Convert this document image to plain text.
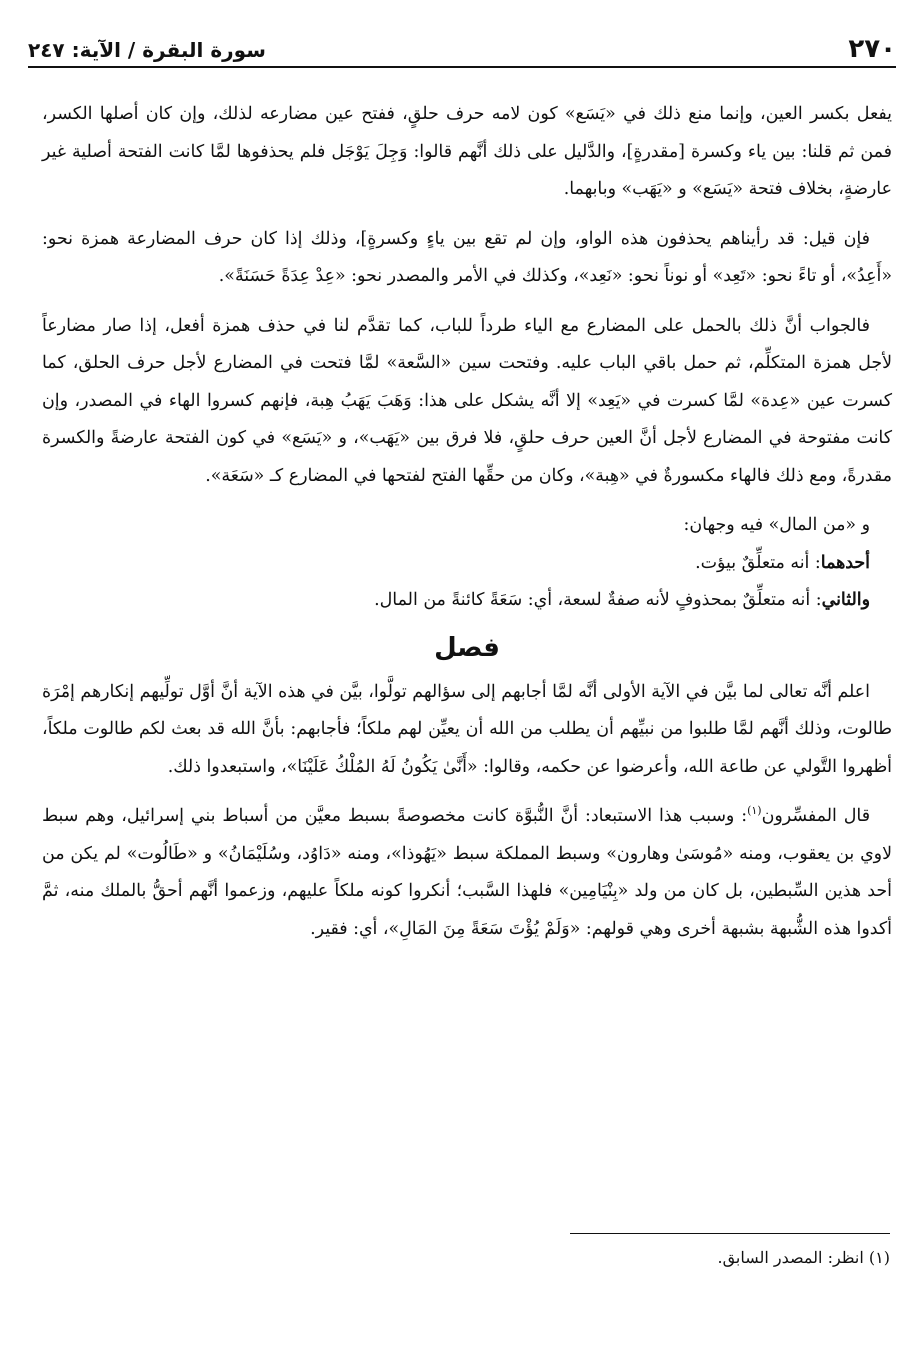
٢٧٠
سورة البقرة / الآية: ٢٤٧

يفعل بكسر العين، وإنما منع ذلك في «يَسَع» كون لامه حرف حلقٍ، ففتح عين مضارعه لذلك، وإن كان أصلها الكسر، فمن ثم قلنا: بين ياء وكسرة [مقدرةٍ]، والدَّليل على ذلك أنَّهم قالوا: وَجِلَ يَوْجَل فلم يحذفوها لمَّا كانت الفتحة أصلية غير عارضةٍ، بخلاف فتحة «يَسَع» و «يَهَب» وبابهما.

فإن قيل: قد رأيناهم يحذفون هذه الواو، وإن لم تقع بين ياءٍ وكسرةٍ]، وذلك إذا كان حرف المضارعة همزة نحو: «أَعِدُ»، أو تاءً نحو: «تَعِد» أو نوناً نحو: «نَعِد»، وكذلك في الأمر والمصدر نحو: «عِدْ عِدَةً حَسَنَةً».

فالجواب أنَّ ذلك بالحمل على المضارع مع الياء طرداً للباب، كما تقدَّم لنا في حذف همزة أفعل، إذا صار مضارعاً لأجل همزة المتكلِّم، ثم حمل باقي الباب عليه. وفتحت سين «السَّعة» لمَّا فتحت في المضارع لأجل حرف الحلق، كما كسرت عين «عِدة» لمَّا كسرت في «يَعِد» إلا أنَّه يشكل على هذا: وَهَبَ يَهَبُ هِبة، فإنهم كسروا الهاء في المصدر، وإن كانت مفتوحة في المضارع لأجل أنَّ العين حرف حلقٍ، فلا فرق بين «يَهَب»، و «يَسَع» في كون الفتحة عارضةً والكسرة مقدرةً، ومع ذلك فالهاء مكسورةٌ في «هِبة»، وكان من حقِّها الفتح لفتحها في المضارع كـ «سَعَة».

و «من المال» فيه وجهان:

أحدهما: أنه متعلِّقٌ بيؤت.

والثاني: أنه متعلِّقٌ بمحذوفٍ لأنه صفةٌ لسعة، أي: سَعَةً كائنةً من المال.

فصل

اعلم أنَّه تعالى لما بيَّن في الآية الأولى أنَّه لمَّا أجابهم إلى سؤالهم تولَّوا، بيَّن في هذه الآية أنَّ أوَّل تولِّيهم إنكارهم إمْرَة طالوت، وذلك أنَّهم لمَّا طلبوا من نبيِّهم أن يطلب من الله أن يعيِّن لهم ملكاً؛ فأجابهم: بأنَّ الله قد بعث لكم طالوت ملكاً، أظهروا التَّولي عن طاعة الله، وأعرضوا عن حكمه، وقالوا: «أَنَّىٰ يَكُونُ لَهُ المُلْكُ عَلَيْنَا»، واستبعدوا ذلك.

قال المفسِّرون$^{(١)}$: وسبب هذا الاستبعاد: أنَّ النُّبوَّة كانت مخصوصةً بسبط معيَّن من أسباط بني إسرائيل، وهم سبط لاوي بن يعقوب، ومنه «مُوسَىٰ وهارون» وسبط المملكة سبط «يَهُوذا»، ومنه «دَاوُد، وسُلَيْمَانُ» و «طَالُوت» لم يكن من أحد هذين السِّبطين، بل كان من ولد «بِنْيَامِين» فلهذا السَّبب؛ أنكروا كونه ملكاً عليهم، وزعموا أنَّهم أحقُّ بالملك منه، ثمَّ أكدوا هذه الشُّبهة بشبهة أخرى وهي قولهم: «وَلَمْ يُؤْتَ سَعَةً مِنَ المَالِ»، أي: فقير.

(١) انظر: المصدر السابق.
